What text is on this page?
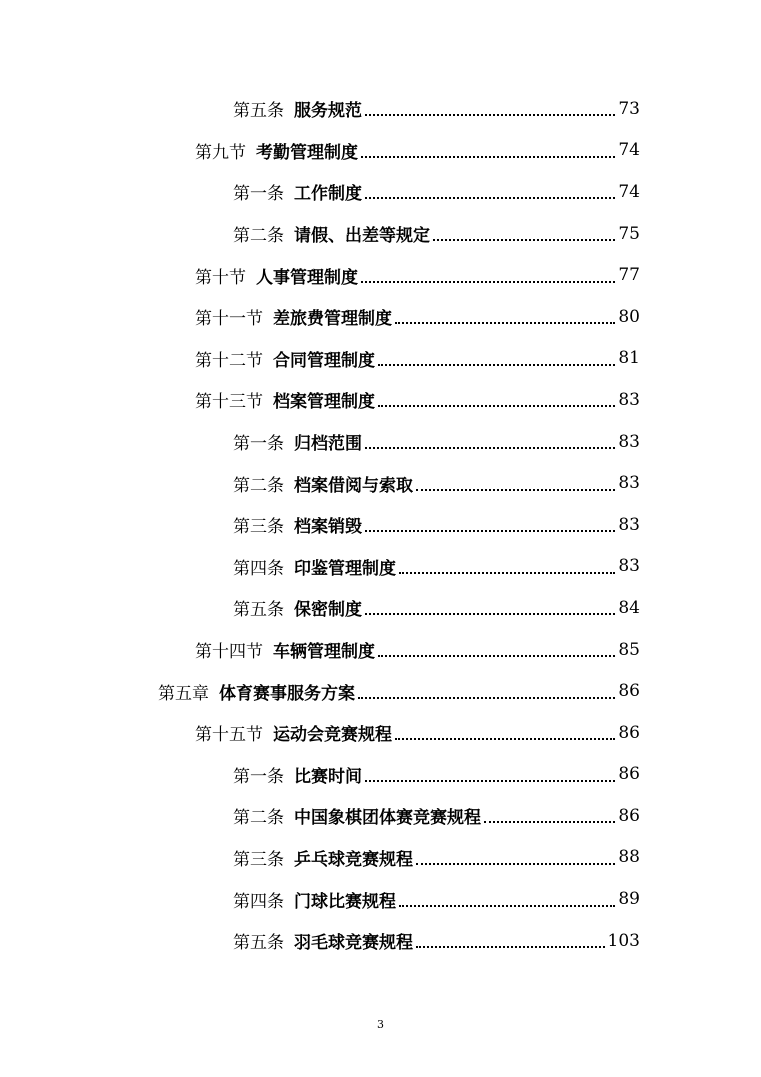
第五条 服务规范	73
第九节 考勤管理制度	74
第一条 工作制度	74
第二条 请假、出差等规定	75
第十节 人事管理制度	77
第十一节 差旅费管理制度	80
第十二节 合同管理制度	81
第十三节 档案管理制度	83
第一条 归档范围	83
第二条 档案借阅与索取	83
第三条 档案销毁	83
第四条 印鉴管理制度	83
第五条 保密制度	84
第十四节 车辆管理制度	85
第五章 体育赛事服务方案	86
第十五节 运动会竞赛规程	86
第一条 比赛时间	86
第二条 中国象棋团体赛竞赛规程	86
第三条 乒乓球竞赛规程	88
第四条 门球比赛规程	89
第五条 羽毛球竞赛规程	103
3
